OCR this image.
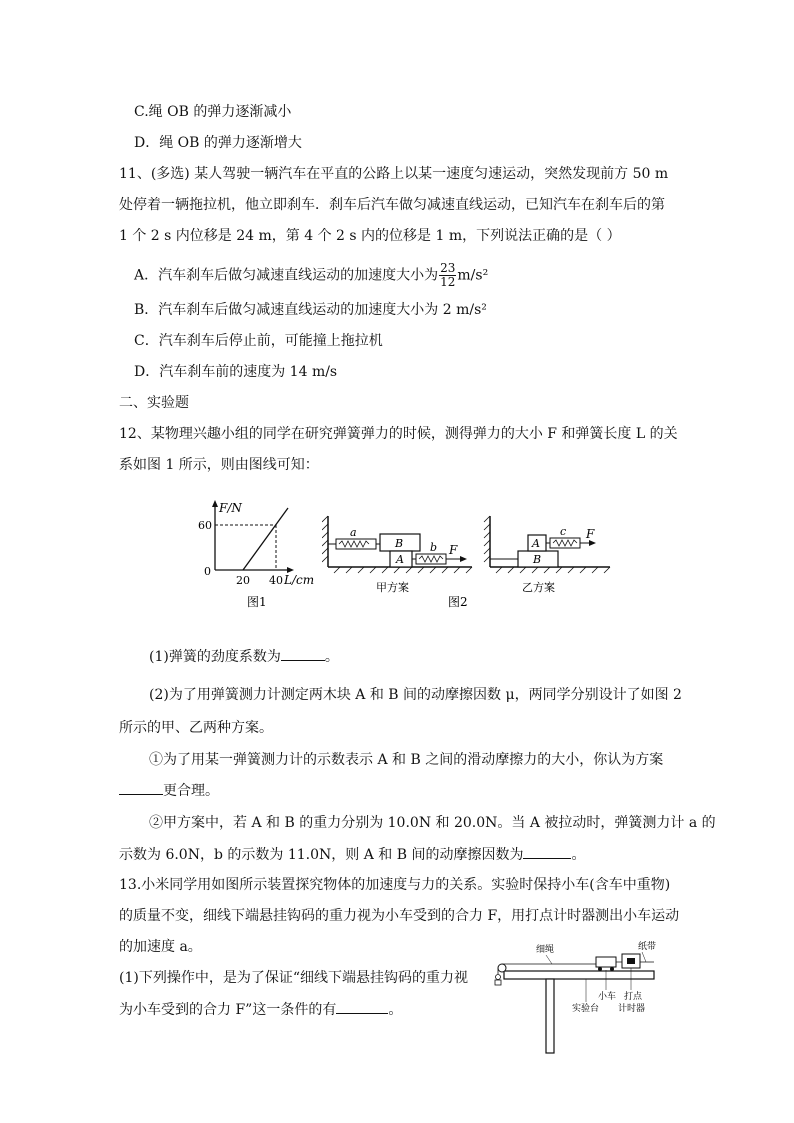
C.绳 OB 的弹力逐渐减小
D．绳 OB 的弹力逐渐增大
11、(多选) 某人驾驶一辆汽车在平直的公路上以某一速度匀速运动，突然发现前方 50 m
处停着一辆拖拉机，他立即刹车．刹车后汽车做匀减速直线运动，已知汽车在刹车后的第
1 个 2 s 内位移是 24 m，第 4 个 2 s 内的位移是 1 m，下列说法正确的是（ ）
A．汽车刹车后做匀减速直线运动的加速度大小为 $\frac{23}{12} m/s^2$
B．汽车刹车后做匀减速直线运动的加速度大小为 2 m/s²
C．汽车刹车后停止前，可能撞上拖拉机
D．汽车刹车前的速度为 14 m/s
二、实验题
12、某物理兴趣小组的同学在研究弹簧弹力的时候，测得弹力的大小 F 和弹簧长度 L 的关
系如图 1 所示，则由图线可知：
F/N
60
0
20 40 L/cm
图1
a
B
A
b F
甲方案
B
A
c F
乙方案
图2
(1)弹簧的劲度系数为	。
(2)为了用弹簧测力计测定两木块 A 和 B 间的动摩擦因数 μ，两同学分别设计了如图 2
所示的甲、乙两种方案。
①为了用某一弹簧测力计的示数表示 A 和 B 之间的滑动摩擦力的大小，你认为方案
更合理。
②甲方案中，若 A 和 B 的重力分别为 10.0N 和 20.0N。当 A 被拉动时，弹簧测力计 a 的
示数为 6.0N，b 的示数为 11.0N，则 A 和 B 间的动摩擦因数为	。
13.小米同学用如图所示装置探究物体的加速度与力的关系。实验时保持小车(含车中重物)
的质量不变，细线下端悬挂钩码的重力视为小车受到的合力 F，用打点计时器测出小车运动
的加速度 a。
(1)下列操作中，是为了保证“细线下端悬挂钩码的重力视
为小车受到的合力 F”这一条件的有	。
细绳	纸带
小车
实验台
打点
计时器
